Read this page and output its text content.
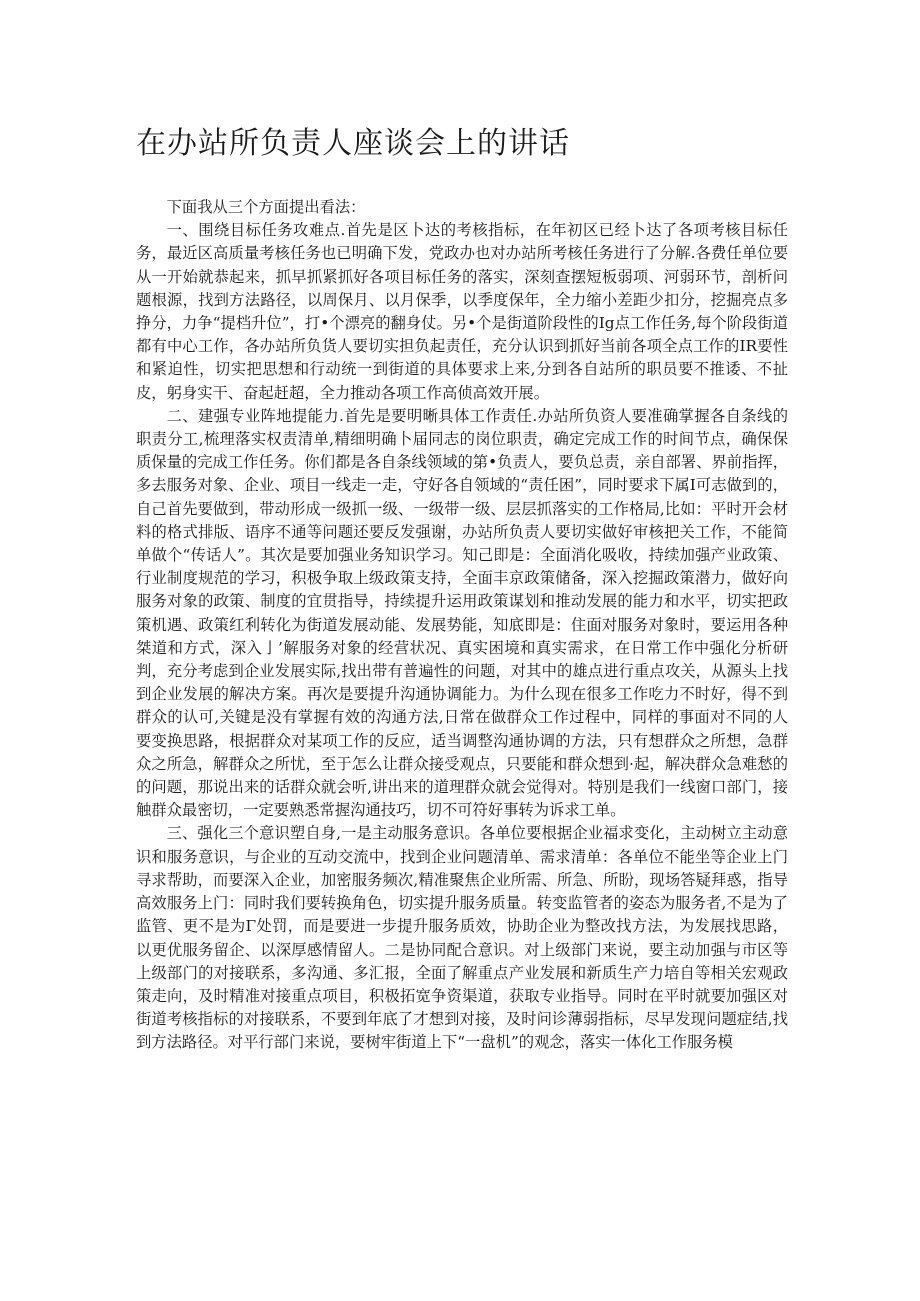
在办站所负责人座谈会上的讲话

下面我从三个方面提出看法：

一、围绕目标任务攻难点.首先是区卜达的考核指标，在年初区已经卜达了各项考核目标任务，最近区高质量考核任务也已明确下发，党政办也对办站所考核任务进行了分解.各费任单位要从一开始就恭起来，抓早抓紧抓好各项目标任务的落实，深刻查摆短板弱项、河弱环节，剖析问题根源，找到方法路径，以周保月、以月保季，以季度保年，全力缩小差距少扣分，挖掘亮点多挣分，力争“提档升位”，打•个漂亮的翻身仗。另•个是街道阶段性的Ig点工作任务,每个阶段街道都有中心工作，各办站所负货人要切实担负起责任，充分认识到抓好当前各项全点工作的IR要性和紧迫性，切实把思想和行动统一到街道的具体要求上来,分到各自站所的职员要不推诿、不扯皮，躬身实干、奋起赶超，全力推动各项工作高侦高效开展。

二、建强专业阵地提能力.首先是要明晰具体工作责任.办站所负资人要准确掌握各自条线的职责分工,梳理落实权责清单,精细明确卜届同志的岗位职责，确定完成工作的时间节点，确保保质保量的完成工作任务。你们都是各自条线领域的第•负责人，要负总责，亲自部署、界前指挥，多去服务对象、企业、项目一线走一走，守好各自领域的“责任困”，同时要求下属I可志做到的，自己首先要做到，带动形成一级抓一级、一级带一级、层层抓落实的工作格局,比如：平时开会材料的格式排版、语序不通等问题还要反发强谢，办站所负责人要切实做好审核把关工作，不能简单做个“传话人”。其次是要加强业务知识学习。知己即是：全面消化吸收，持续加强产业政策、行业制度规范的学习，积极争取上级政策支持，全面丰京政策储备，深入挖掘政策潜力，做好向服务对象的政策、制度的宜贯指导，持续提升运用政策谋划和推动发展的能力和水平，切实把政策机遇、政策红利转化为街道发展动能、发展势能，知底即是：住面对服务对象时，要运用各种桀道和方式，深入亅’解服务对象的经营状况、真实困境和真实需求，在日常工作中强化分析研判，充分考虑到企业发展实际,找出带有普遍性的问题，对其中的雄点进行重点攻关，从源头上找到企业发展的解决方案。再次是要提升沟通协调能力。为什么现在很多工作吃力不时好，得不到群众的认可,关键是没有掌握有效的沟通方法,日常在做群众工作过程中，同样的事面对不同的人要变换思路，根据群众对某项工作的反应，适当调整沟通协调的方法，只有想群众之所想，急群众之所急，解群众之所忧，至于怎么让群众接受观点，只要能和群众想到·起，解决群众急难愁的的问题，那说出来的话群众就会听,讲出来的道理群众就会觉得对。特别是我们一线窗口部门，接触群众最密切，一定要熟悉常握沟通技巧，切不可符好事转为诉求工单。

三、强化三个意识塑自身,一是主动服务意识。各单位要根据企业福求变化，主动树立主动意识和服务意识，与企业的互动交流中，找到企业问题清单、需求清单：各单位不能坐等企业上门寻求帮助，而要深入企业，加密服务频次,精准聚焦企业所需、所急、所盼，现场答疑拜惑，指导高效服务上门：同时我们要转换角色，切实提升服务质量。转变监管者的姿态为服务者,不是为了监管、更不是为Γ处罚，而是要进一步提升服务质效，协助企业为整改找方法，为发展找思路，以更优服务留企、以深厚感情留人。二是协同配合意识。对上级部门来说，要主动加强与市区等上级部门的对接联系，多沟通、多汇报，全面了解重点产业发展和新质生产力培自等相关宏观政策走向，及时精准对接重点项目，积极拓宽争资渠道，获取专业指导。同时在平时就要加强区对街道考核指标的对接联系，不要到年底了才想到对接，及时问诊薄弱指标，尽早发现问题症结,找到方法路径。对平行部门来说，要树牢街道上下“一盘机”的观念，落实一体化工作服务模
